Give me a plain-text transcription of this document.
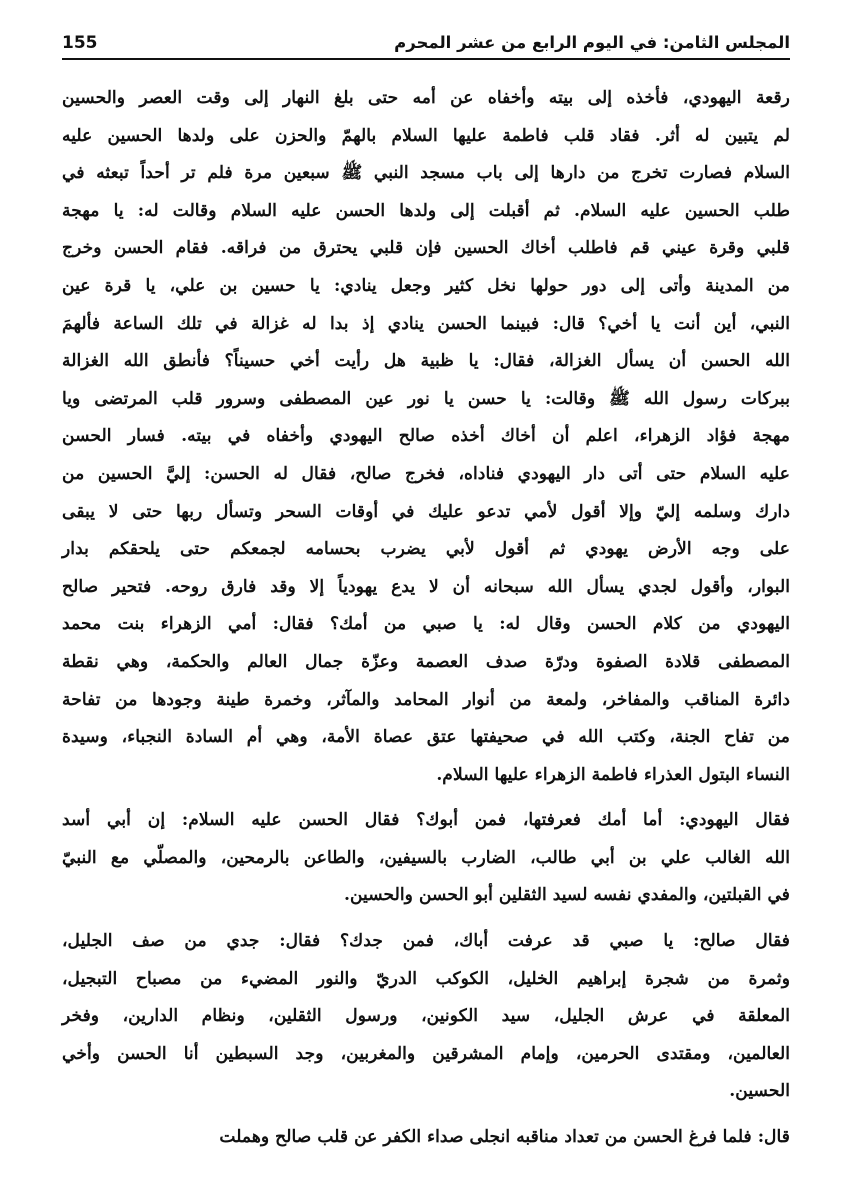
المجلس الثامن: في اليوم الرابع من عشر المحرم
155
رقعة اليهودي، فأخذه إلى بيته وأخفاه عن أمه حتى بلغ النهار إلى وقت العصر والحسين
لم يتبين له أثر. فقاد قلب فاطمة عليها السلام بالهمّ والحزن على ولدها الحسين عليه
السلام فصارت تخرج من دارها إلى باب مسجد النبي ﷺ سبعين مرة فلم تر أحداً تبعثه في
طلب الحسين عليه السلام. ثم أقبلت إلى ولدها الحسن عليه السلام وقالت له: يا مهجة
قلبي وقرة عيني قم فاطلب أخاك الحسين فإن قلبي يحترق من فراقه. فقام الحسن وخرج
من المدينة وأتى إلى دور حولها نخل كثير وجعل ينادي: يا حسين بن علي، يا قرة عين
النبي، أين أنت يا أخي؟ قال: فبينما الحسن ينادي إذ بدا له غزالة في تلك الساعة فألهمَ
الله الحسن أن يسأل الغزالة، فقال: يا ظبية هل رأيت أخي حسيناً؟ فأنطق الله الغزالة
ببركات رسول الله ﷺ وقالت: يا حسن يا نور عين المصطفى وسرور قلب المرتضى ويا
مهجة فؤاد الزهراء، اعلم أن أخاك أخذه صالح اليهودي وأخفاه في بيته. فسار الحسن
عليه السلام حتى أتى دار اليهودي فناداه، فخرج صالح، فقال له الحسن: إليَّ الحسين من
دارك وسلمه إليّ وإلا أقول لأمي تدعو عليك في أوقات السحر وتسأل ربها حتى لا يبقى
على وجه الأرض يهودي ثم أقول لأبي يضرب بحسامه لجمعكم حتى يلحقكم بدار
البوار، وأقول لجدي يسأل الله سبحانه أن لا يدع يهودياً إلا وقد فارق روحه. فتحير صالح
اليهودي من كلام الحسن وقال له: يا صبي من أمك؟ فقال: أمي الزهراء بنت محمد
المصطفى قلادة الصفوة ودرّة صدف العصمة وعزّة جمال العالم والحكمة، وهي نقطة
دائرة المناقب والمفاخر، ولمعة من أنوار المحامد والمآثر، وخمرة طينة وجودها من تفاحة
من تفاح الجنة، وكتب الله في صحيفتها عتق عصاة الأمة، وهي أم السادة النجباء، وسيدة
النساء البتول العذراء فاطمة الزهراء عليها السلام.
فقال اليهودي: أما أمك فعرفتها، فمن أبوك؟ فقال الحسن عليه السلام: إن أبي أسد
الله الغالب علي بن أبي طالب، الضارب بالسيفين، والطاعن بالرمحين، والمصلّي مع النبيّ
في القبلتين، والمفدي نفسه لسيد الثقلين أبو الحسن والحسين.
فقال صالح: يا صبي قد عرفت أباك، فمن جدك؟ فقال: جدي من صف الجليل،
وثمرة من شجرة إبراهيم الخليل، الكوكب الدريّ والنور المضيء من مصباح التبجيل،
المعلقة في عرش الجليل، سيد الكونين، ورسول الثقلين، ونظام الدارين، وفخر
العالمين، ومقتدى الحرمين، وإمام المشرقين والمغربين، وجد السبطين أنا الحسن وأخي
الحسين.
قال: فلما فرغ الحسن من تعداد مناقبه انجلى صداء الكفر عن قلب صالح وهملت
